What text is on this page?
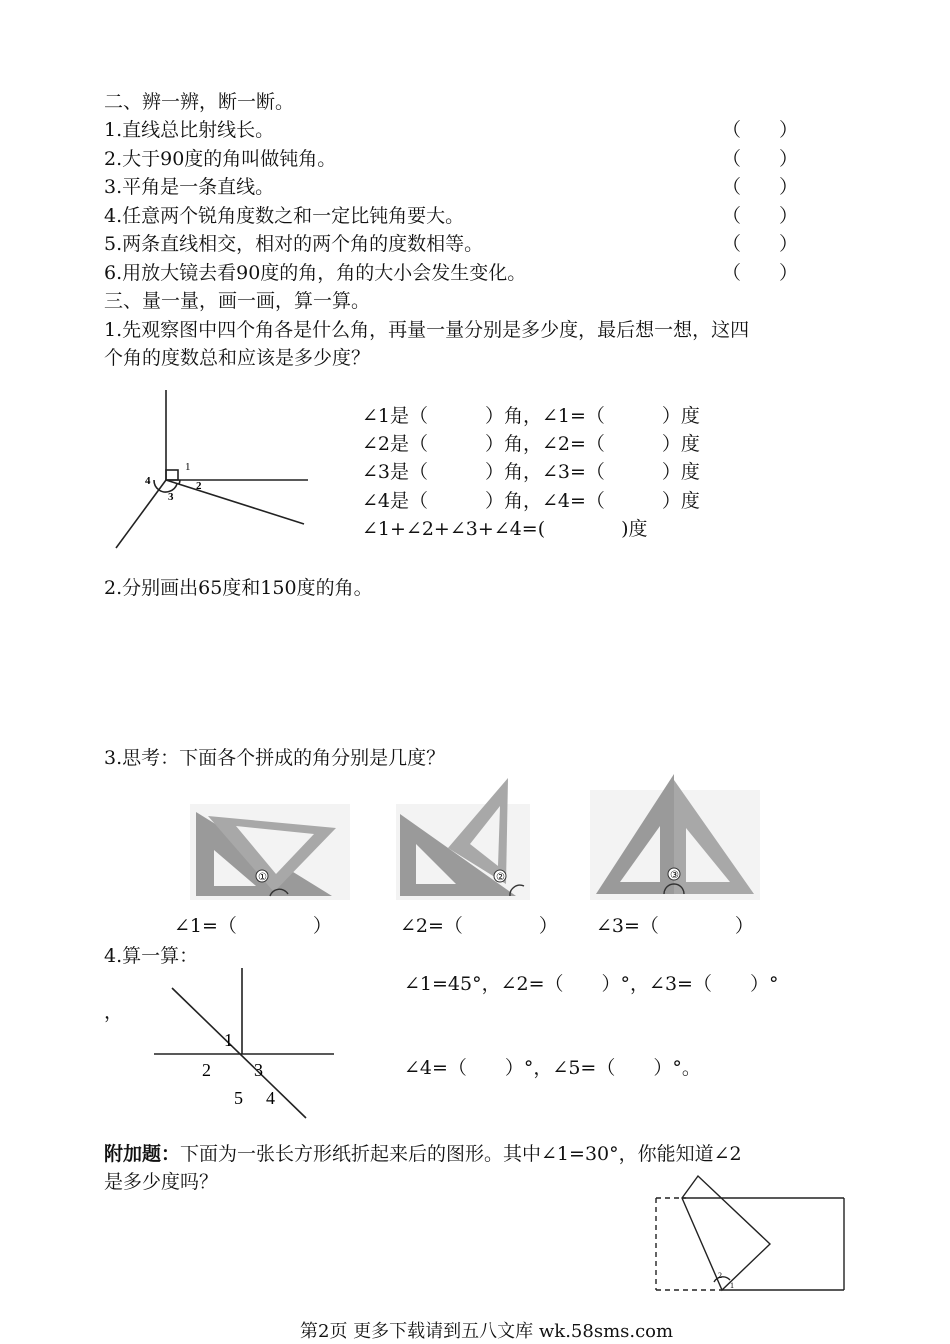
二、辨一辨，断一断。
1.直线总比射线长。	（　　）
2.大于90度的角叫做钝角。	（　　）
3.平角是一条直线。	（　　）
4.任意两个锐角度数之和一定比钝角要大。	（　　）
5.两条直线相交，相对的两个角的度数相等。	（　　）
6.用放大镜去看90度的角，角的大小会发生变化。	（　　）
三、量一量，画一画，算一算。
1.先观察图中四个角各是什么角，再量一量分别是多少度，最后想一想，这四
个角的度数总和应该是多少度？
1
2
3
4
∠1是（　　　）角，∠1=（　　　）度
∠2是（　　　）角，∠2=（　　　）度
∠3是（　　　）角，∠3=（　　　）度
∠4是（　　　）角，∠4=（　　　）度
∠1+∠2+∠3+∠4=(　　　　)度
2.分别画出65度和150度的角。
3.思考：下面各个拼成的角分别是几度？
①	②	③
∠1=（　　　　）	∠2=（　　　　） ∠3=（　　　　）
4.算一算：
∠1=45°，∠2=（　　）°，∠3=（　　）°
，
∠4=（　　）°，∠5=（　　）°。
1
2 3
4
5
附加题：下面为一张长方形纸折起来后的图形。其中∠1=30°，你能知道∠2
是多少度吗？
2
1
第2页 更多下载请到五八文库 wk.58sms.com
